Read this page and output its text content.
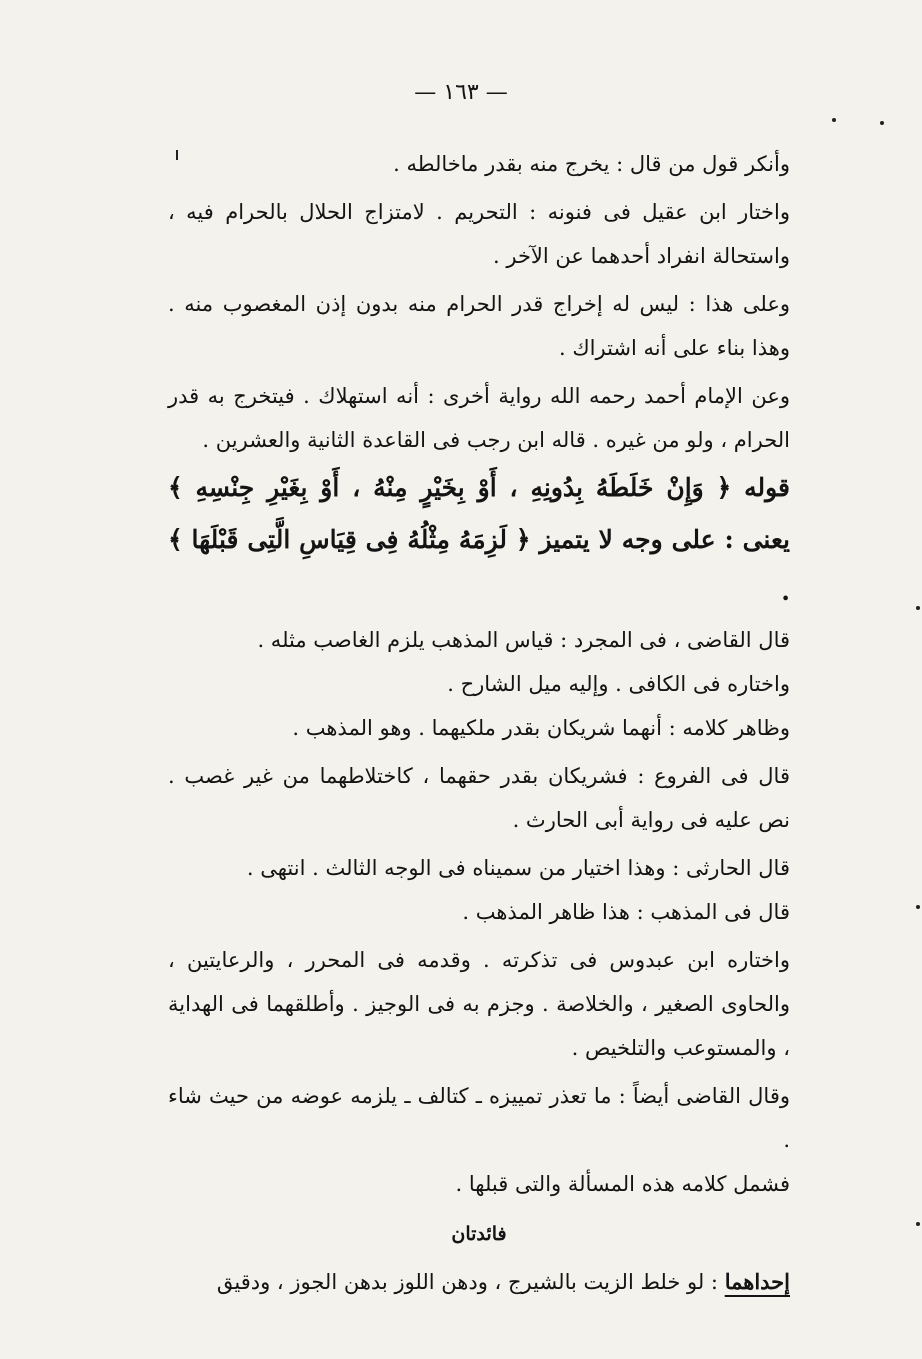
— ١٦٣ —

وأنكر قول من قال : يخرج منه بقدر ماخالطه .

واختار ابن عقيل فى فنونه : التحريم . لامتزاج الحلال بالحرام فيه ، واستحالة انفراد أحدهما عن الآخر .

وعلى هذا : ليس له إخراج قدر الحرام منه بدون إذن المغصوب منه . وهذا بناء على أنه اشتراك .

وعن الإمام أحمد رحمه الله رواية أخرى : أنه استهلاك . فيتخرج به قدر الحرام ، ولو من غيره . قاله ابن رجب فى القاعدة الثانية والعشرين .

قوله ﴿ وَإِنْ خَلَطَهُ بِدُونِهِ ، أَوْ بِخَيْرٍ مِنْهُ ، أَوْ بِغَيْرِ جِنْسِهِ ﴾ يعنى : على وجه لا يتميز ﴿ لَزِمَهُ مِثْلُهُ فِى قِيَاسِ الَّتِى قَبْلَهَا ﴾ .

قال القاضى ، فى المجرد : قياس المذهب يلزم الغاصب مثله .

واختاره فى الكافى . وإليه ميل الشارح .

وظاهر كلامه : أنهما شريكان بقدر ملكيهما . وهو المذهب .

قال فى الفروع : فشريكان بقدر حقهما ، كاختلاطهما من غير غصب . نص عليه فى رواية أبى الحارث .

قال الحارثى : وهذا اختيار من سميناه فى الوجه الثالث . انتهى .

قال فى المذهب : هذا ظاهر المذهب .

واختاره ابن عبدوس فى تذكرته . وقدمه فى المحرر ، والرعايتين ، والحاوى الصغير ، والخلاصة . وجزم به فى الوجيز . وأطلقهما فى الهداية ، والمستوعب والتلخيص .

وقال القاضى أيضاً : ما تعذر تمييزه ـ كتالف ـ يلزمه عوضه من حيث شاء .

فشمل كلامه هذه المسألة والتى قبلها .

فائدتان

إحداهما : لو خلط الزيت بالشيرج ، ودهن اللوز بدهن الجوز ، ودقيق
